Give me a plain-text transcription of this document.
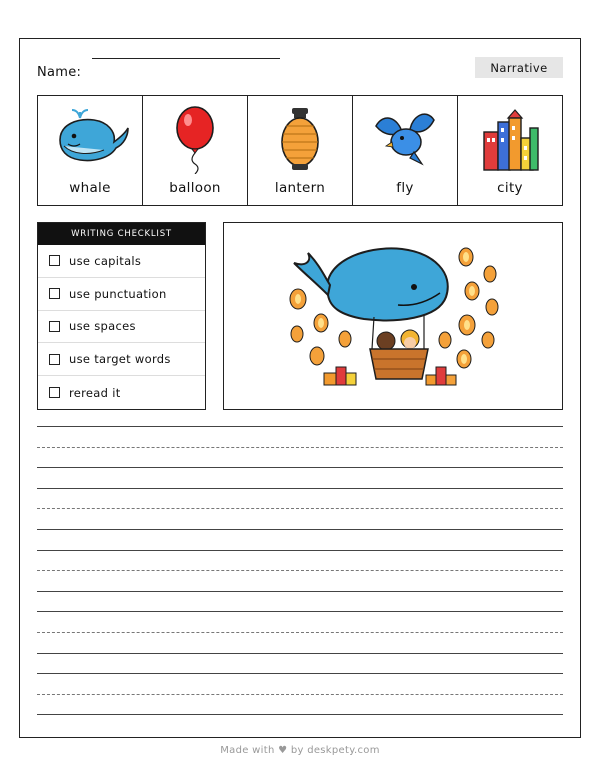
Name:	Narrative
whale	balloon	lantern	fly	city
WRITING CHECKLIST
use capitals
use punctuation
use spaces
use target words
reread it
Made with ♥ by deskpety.com
